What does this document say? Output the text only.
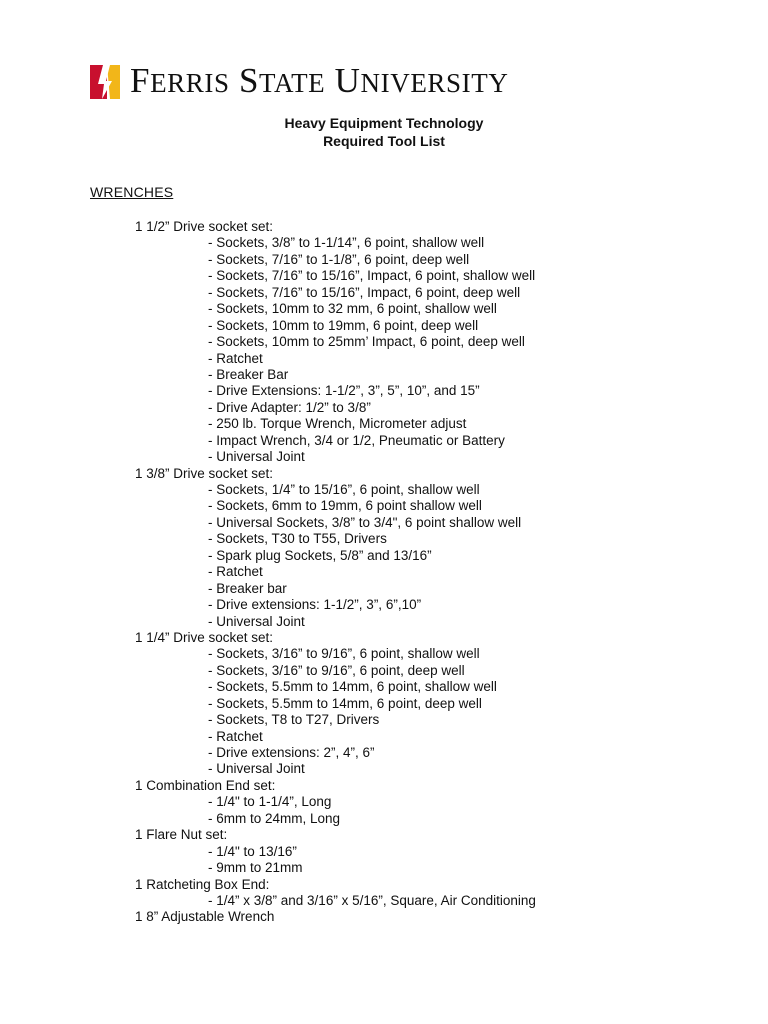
FERRIS STATE UNIVERSITY
Heavy Equipment Technology
Required Tool List
WRENCHES
1 1/2” Drive socket set:
- Sockets, 3/8” to 1-1/14”, 6 point, shallow well
- Sockets, 7/16” to 1-1/8”, 6 point, deep well
- Sockets, 7/16” to 15/16”, Impact, 6 point, shallow well
- Sockets, 7/16” to 15/16”, Impact, 6 point, deep well
- Sockets, 10mm to 32 mm, 6 point, shallow well
- Sockets, 10mm to 19mm, 6 point, deep well
- Sockets, 10mm to 25mm’ Impact, 6 point, deep well
- Ratchet
- Breaker Bar
- Drive Extensions: 1-1/2”, 3”, 5”, 10”, and 15”
- Drive Adapter: 1/2” to 3/8”
- 250 lb. Torque Wrench, Micrometer adjust
- Impact Wrench, 3/4 or 1/2, Pneumatic or Battery
- Universal Joint
1 3/8” Drive socket set:
- Sockets, 1/4” to 15/16”, 6 point, shallow well
- Sockets, 6mm to 19mm, 6 point shallow well
- Universal Sockets, 3/8” to 3/4", 6 point shallow well
- Sockets, T30 to T55, Drivers
- Spark plug Sockets, 5/8” and 13/16”
- Ratchet
- Breaker bar
- Drive extensions: 1-1/2”, 3”, 6”,10”
- Universal Joint
1 1/4” Drive socket set:
- Sockets, 3/16” to 9/16”, 6 point, shallow well
- Sockets, 3/16” to 9/16”, 6 point, deep well
- Sockets, 5.5mm to 14mm, 6 point, shallow well
- Sockets, 5.5mm to 14mm, 6 point, deep well
- Sockets, T8 to T27, Drivers
- Ratchet
- Drive extensions: 2”, 4”, 6”
- Universal Joint
1 Combination End set:
- 1/4" to 1-1/4”, Long
- 6mm to 24mm, Long
1 Flare Nut set:
- 1/4" to 13/16”
- 9mm to 21mm
1 Ratcheting Box End:
- 1/4” x 3/8” and 3/16” x 5/16”, Square, Air Conditioning
1 8” Adjustable Wrench
